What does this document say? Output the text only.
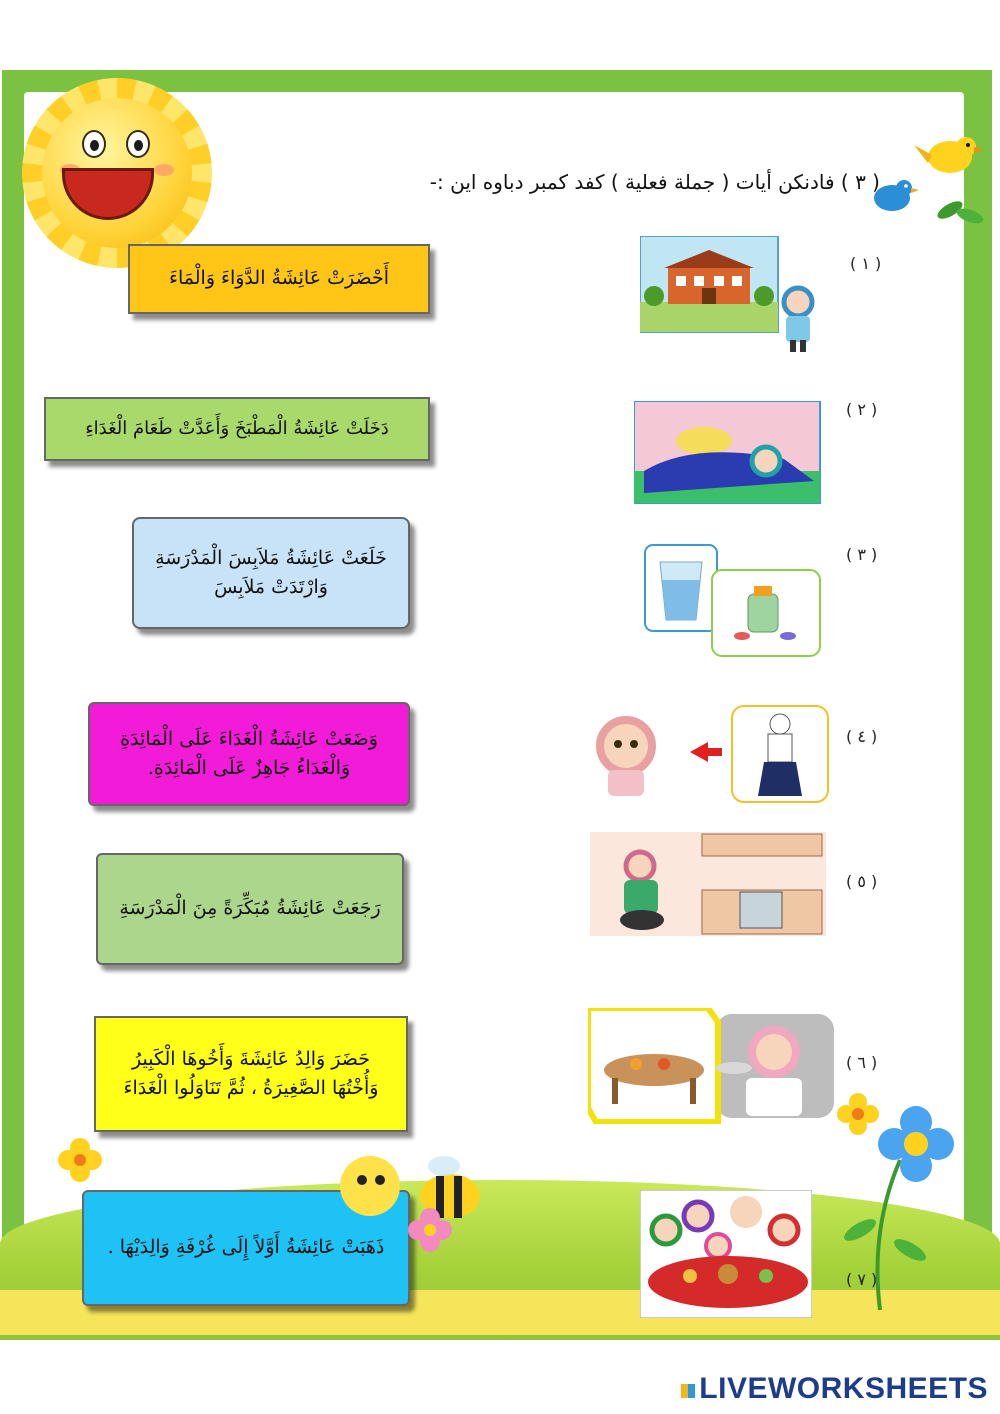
( ٣ ) فادنكن أيات ( جملة فعلية ) كفد كمبر دباوه اين :-
أَحْضَرَتْ عَائِشَةُ الدَّوَاءَ وَالْمَاءَ
دَخَلَتْ عَائِشَةُ الْمَطْبَخَ وَأَعَدَّتْ طَعَامَ الْغَدَاءِ
خَلَعَتْ عَائِشَةُ مَلاَبِسَ الْمَدْرَسَةِ وَارْتَدَتْ مَلاَبِسَ
وَضَعَتْ عَائِشَةُ الْغَدَاءَ عَلَى الْمَائِدَةِ وَالْغَدَاءُ جَاهِزٌ عَلَى الْمَائِدَةِ.
رَجَعَتْ عَائِشَةُ مُبَكِّرَةً مِنَ الْمَدْرَسَةِ
حَضَرَ وَالِدُ عَائِشَةَ وَأَخُوهَا الْكَبِيرُ وَأُخْتُهَا الصَّغِيرَةُ ، ثُمَّ تَنَاوَلُوا الْغَدَاءَ
ذَهَبَتْ عَائِشَةُ أَوَّلاً إِلَى غُرْفَةِ وَالِدَيْهَا .
( ١ )
( ٢ )
( ٣ )
( ٤ )
( ٥ )
( ٦ )
( ٧ )
LIVEWORKSHEETS
